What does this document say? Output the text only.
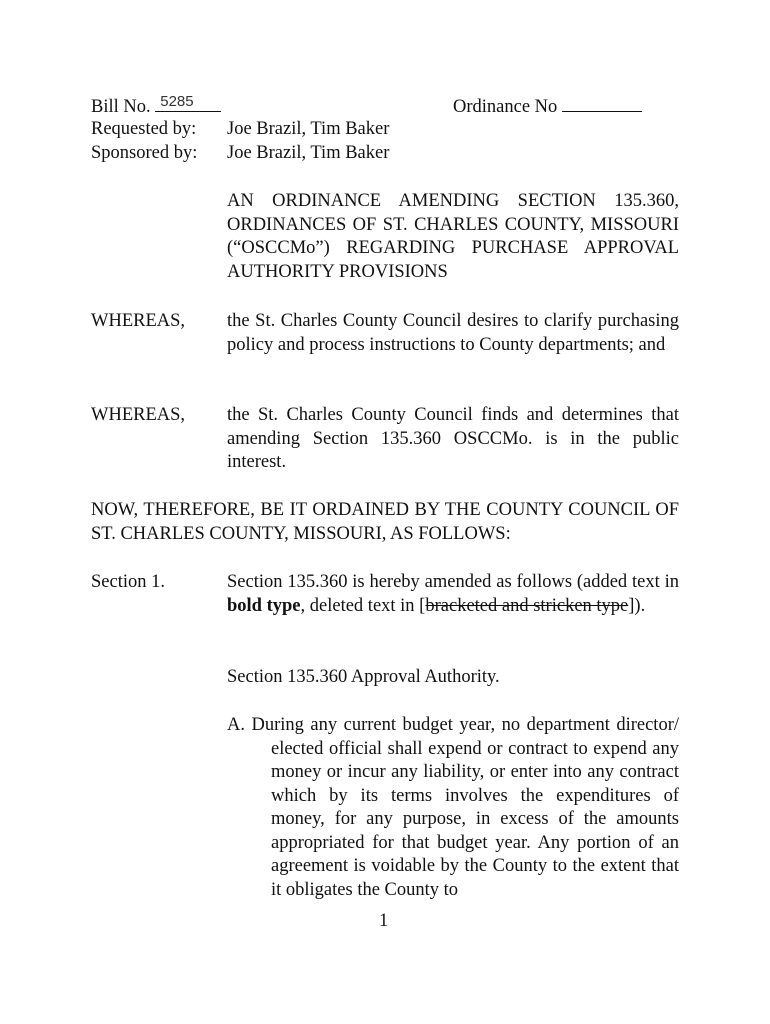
Bill No. 5285	Ordinance No
Requested by: Joe Brazil, Tim Baker
Sponsored by: Joe Brazil, Tim Baker
AN ORDINANCE AMENDING SECTION 135.360, ORDINANCES OF ST. CHARLES COUNTY, MISSOURI (“OSCCMo”) REGARDING PURCHASE APPROVAL AUTHORITY PROVISIONS
WHEREAS, the St. Charles County Council desires to clarify purchasing policy and process instructions to County departments; and
WHEREAS, the St. Charles County Council finds and determines that amending Section 135.360 OSCCMo. is in the public interest.
NOW, THEREFORE, BE IT ORDAINED BY THE COUNTY COUNCIL OF ST. CHARLES COUNTY, MISSOURI, AS FOLLOWS:
Section 1.	Section 135.360 is hereby amended as follows (added text in bold type, deleted text in [bracketed and stricken type]).
Section 135.360 Approval Authority.
A. During any current budget year, no department director/ elected official shall expend or contract to expend any money or incur any liability, or enter into any contract which by its terms involves the expenditures of money, for any purpose, in excess of the amounts appropriated for that budget year. Any portion of an agreement is voidable by the County to the extent that it obligates the County to
1
